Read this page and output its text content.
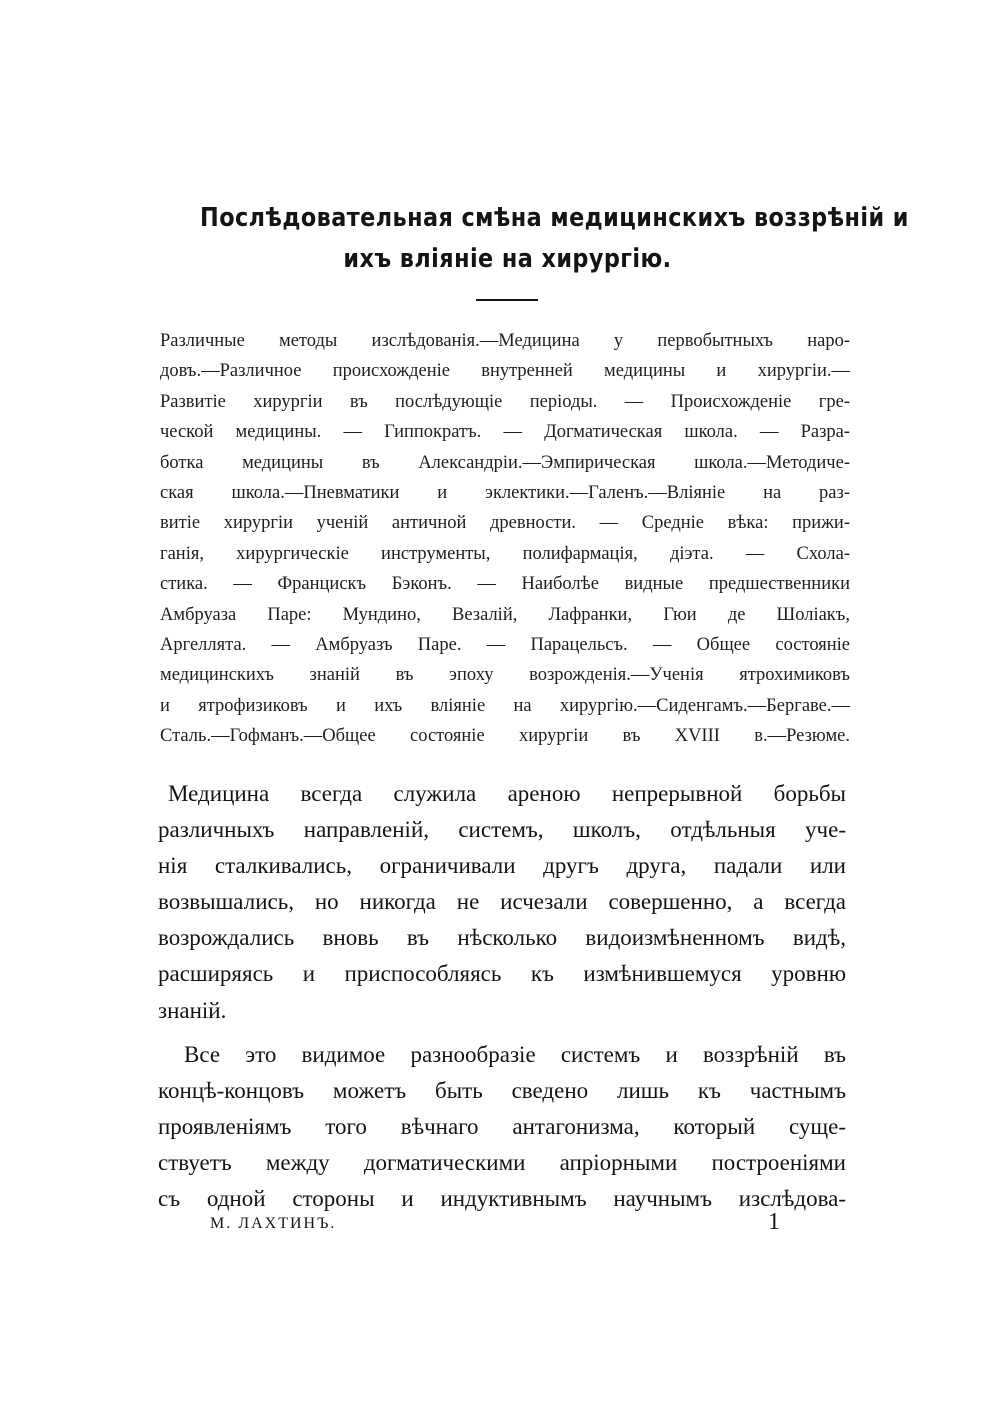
Послѣдовательная смѣна медицинскихъ воззрѣній и
ихъ вліяніе на хирургію.
Различные методы изслѣдованія.—Медицина у первобытныхъ наро-
довъ.—Различное происхожденіе внутренней медицины и хирургіи.—
Развитіе хирургіи въ послѣдующіе періоды. — Происхожденіе гре-
ческой медицины. — Гиппократъ. — Догматическая школа. — Разра-
ботка медицины въ Александріи.—Эмпирическая школа.—Методиче-
ская школа.—Пневматики и эклектики.—Галенъ.—Вліяніе на раз-
витіе хирургіи ученій античной древности. — Средніе вѣка: прижи-
ганія, хирургическіе инструменты, полифармація, діэта. — Схола-
стика. — Францискъ Бэконъ. — Наиболѣе видные предшественники
Амбруаза Паре: Мундино, Везалій, Лафранки, Гюи де Шоліакъ,
Аргеллята. — Амбруазъ Паре. — Парацельсъ. — Общее состояніе
медицинскихъ знаній въ эпоху возрожденія.—Ученія ятрохимиковъ
и ятрофизиковъ и ихъ вліяніе на хирургію.—Сиденгамъ.—Бергаве.—
Сталь.—Гофманъ.—Общее состояніе хирургіи въ XVIII в.—Резюме.
Медицина всегда служила ареною непрерывной борьбы
различныхъ направленій, системъ, школъ, отдѣльныя уче-
нія сталкивались, ограничивали другъ друга, падали или
возвышались, но никогда не исчезали совершенно, а всегда
возрождались вновь въ нѣсколько видоизмѣненномъ видѣ,
расширяясь и приспособляясь къ измѣнившемуся уровню
знаній.
Все это видимое разнообразіе системъ и воззрѣній въ
концѣ-концовъ можетъ быть сведено лишь къ частнымъ
проявленіямъ того вѣчнаго антагонизма, который суще-
ствуетъ между догматическими апріорными построеніями
съ одной стороны и индуктивнымъ научнымъ изслѣдова-
М. ЛАХТИНЪ.	1
